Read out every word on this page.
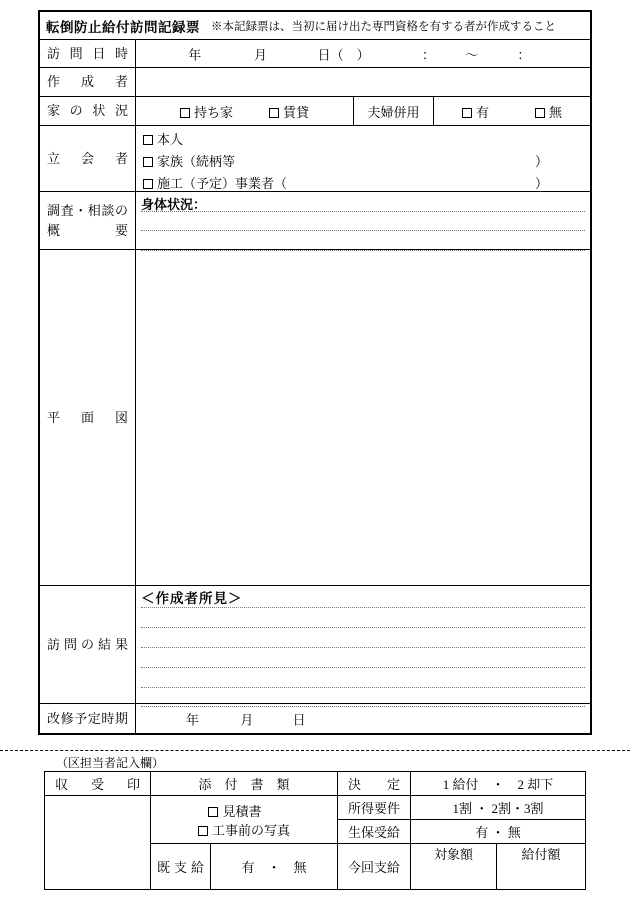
転倒防止給付訪問記録票 ※本記録票は、当初に届け出た専門資格を有する者が作成すること
訪問日時	年	月	日（　）	： ～	：
作成者
家の状況	持ち家	賃貸	夫婦併用	有	無
立会者
本人
家族（続柄等	）
施工（予定）事業者（	）
調査・相談の概要
身体状況：
平面図
訪問の結果
＜作成者所見＞
改修予定時期	年	月	日
（区担当者記入欄）
収受印	添　付　書　類		決定	1 給付　・　2 却下	
	見積書 工事前の写真		所得要件	1割 ・ 2割・3割	
			生保受給	有 ・ 無	
	既支給	有　・　無	今回支給	対象額	給付額
